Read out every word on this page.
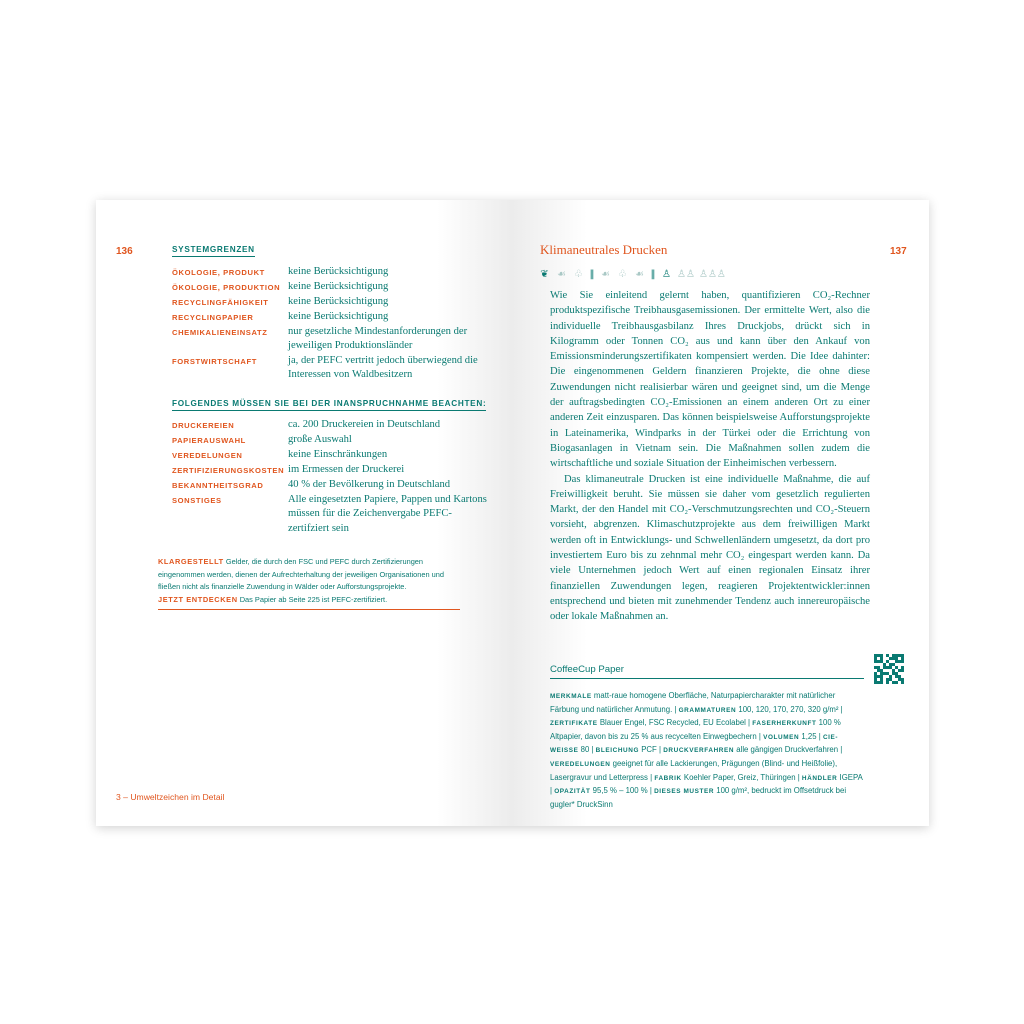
136	SYSTEMGRENZEN
ÖKOLOGIE, PRODUKT	keine Berücksichtigung
ÖKOLOGIE, PRODUKTION keine Berücksichtigung
RECYCLINGFÄHIGKEIT	keine Berücksichtigung
RECYCLINGPAPIER	keine Berücksichtigung
CHEMIKALIENEINSATZ	nur gesetzliche Mindestanforderungen der jeweiligen Produktionsländer
FORSTWIRTSCHAFT	ja, der PEFC vertritt jedoch überwiegend die Interessen von Waldbesitzern
FOLGENDES MÜSSEN SIE BEI DER INANSPRUCHNAHME BEACHTEN:
DRUCKEREIEN	ca. 200 Druckereien in Deutschland
PAPIERAUSWAHL	große Auswahl
VEREDELUNGEN	keine Einschränkungen
ZERTIFIZIERUNGSKOSTEN im Ermessen der Druckerei
BEKANNTHEITSGRAD	40 % der Bevölkerung in Deutschland
SONSTIGES	Alle eingesetzten Papiere, Pappen und Kartons müssen für die Zeichenvergabe PEFC-zertifziert sein
KLARGESTELLT Gelder, die durch den FSC und PEFC durch Zertifizierungen eingenommen werden, dienen der Aufrechterhaltung der jeweiligen Organisationen und fließen nicht als finanzielle Zuwendung in Wälder oder Aufforstungsprojekte.
JETZT ENTDECKEN Das Papier ab Seite 225 ist PEFC-zertifiziert.
3 – Umweltzeichen im Detail
Klimaneutrales Drucken	137
❦ ☙ ♧ ‖ ☙ ♧ ☙ ‖ ♙ ♙♙ ♙♙♙

Wie Sie einleitend gelernt haben, quantifizieren CO₂-Rechner produktspezifische Treibhausgasemissionen. Der ermittelte Wert, also die individuelle Treibhausgasbilanz Ihres Druckjobs, drückt sich in Kilogramm oder Tonnen CO₂ aus und kann über den Ankauf von Emissionsminderungszertifikaten kompensiert werden. Die Idee dahinter: Die eingenommenen Geldern finanzieren Projekte, die ohne diese Zuwendungen nicht realisierbar wären und geeignet sind, um die Menge der auftragsbedingten CO₂-Emissionen an einem anderen Ort zu einer anderen Zeit einzusparen. Das können beispielsweise Aufforstungsprojekte in Lateinamerika, Windparks in der Türkei oder die Errichtung von Biogasanlagen in Vietnam sein. Die Maßnahmen sollen zudem die wirtschaftliche und soziale Situation der Einheimischen verbessern.

Das klimaneutrale Drucken ist eine individuelle Maßnahme, die auf Freiwilligkeit beruht. Sie müssen sie daher vom gesetzlich regulierten Markt, der den Handel mit CO₂-Verschmutzungsrechten und CO₂-Steuern vorsieht, abgrenzen. Klimaschutzprojekte aus dem freiwilligen Markt werden oft in Entwicklungs- und Schwellenländern umgesetzt, da dort pro investiertem Euro bis zu zehnmal mehr CO₂ eingespart werden kann. Da viele Unternehmen jedoch Wert auf einen regionalen Einsatz ihrer finanziellen Zuwendungen legen, reagieren Projektentwickler:innen entsprechend und bieten mit zunehmender Tendenz auch innereuropäische oder lokale Maßnahmen an.

CoffeeCup Paper
MERKMALE matt-raue homogene Oberfläche, Naturpapiercharakter mit natürlicher Färbung und natürlicher Anmutung. | GRAMMATUREN 100, 120, 170, 270, 320 g/m² | ZERTIFIKATE Blauer Engel, FSC Recycled, EU Ecolabel | FASERHERKUNFT 100 % Altpapier, davon bis zu 25 % aus recycelten Einwegbechern | VOLUMEN 1,25 | CIE-WEISSE 80 | BLEICHUNG PCF | DRUCKVERFAHREN alle gängigen Druckverfahren | VEREDELUNGEN geeignet für alle Lackierungen, Prägungen (Blind- und Heißfolie), Lasergravur und Letterpress | FABRIK Koehler Paper, Greiz, Thüringen | HÄNDLER IGEPA | OPAZITÄT 95,5 % – 100 % | DIESES MUSTER 100 g/m², bedruckt im Offsetdruck bei gugler* DruckSinn
